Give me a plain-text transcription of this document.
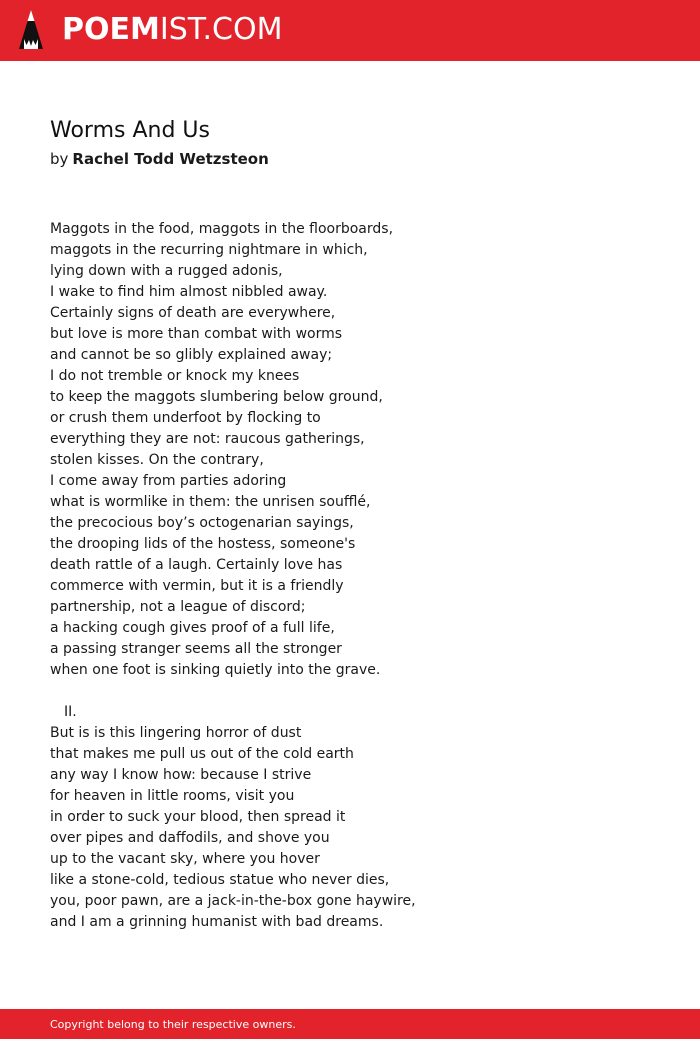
POEMIST.COM
Worms And Us
by Rachel Todd Wetzsteon
Maggots in the food, maggots in the floorboards,
maggots in the recurring nightmare in which,
lying down with a rugged adonis,
I wake to find him almost nibbled away.
Certainly signs of death are everywhere,
but love is more than combat with worms
and cannot be so glibly explained away;
I do not tremble or knock my knees
to keep the maggots slumbering below ground,
or crush them underfoot by flocking to
everything they are not: raucous gatherings,
stolen kisses. On the contrary,
I come away from parties adoring
what is wormlike in them: the unrisen soufflé,
the precocious boy’s octogenarian sayings,
the drooping lids of the hostess, someone's
death rattle of a laugh. Certainly love has
commerce with vermin, but it is a friendly
partnership, not a league of discord;
a hacking cough gives proof of a full life,
a passing stranger seems all the stronger
when one foot is sinking quietly into the grave.
II.
But is is this lingering horror of dust
that makes me pull us out of the cold earth
any way I know how: because I strive
for heaven in little rooms, visit you
in order to suck your blood, then spread it
over pipes and daffodils, and shove you
up to the vacant sky, where you hover
like a stone-cold, tedious statue who never dies,
you, poor pawn, are a jack-in-the-box gone haywire,
and I am a grinning humanist with bad dreams.
Copyright belong to their respective owners.
